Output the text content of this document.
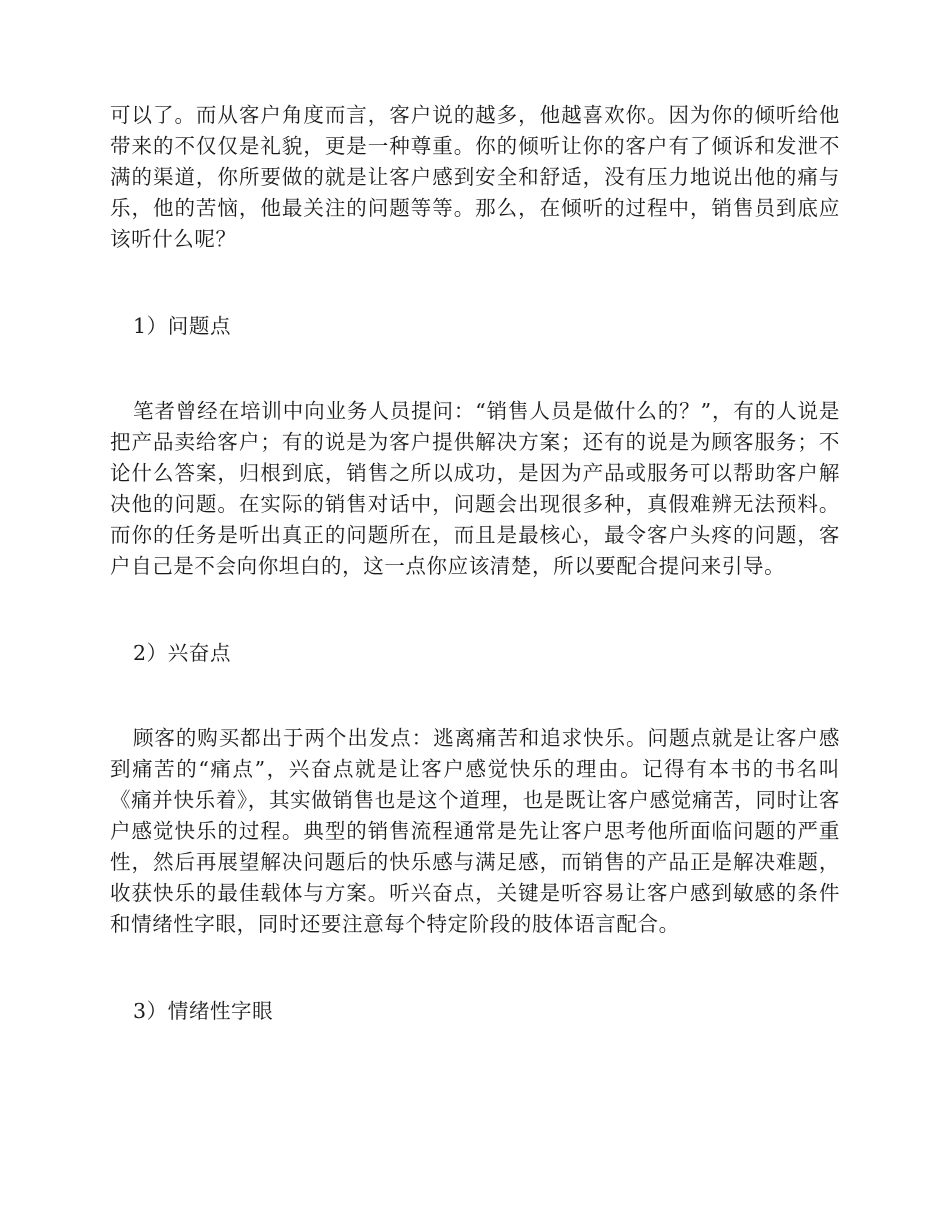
可以了。而从客户角度而言，客户说的越多，他越喜欢你。因为你的倾听给他带来的不仅仅是礼貌，更是一种尊重。你的倾听让你的客户有了倾诉和发泄不满的渠道，你所要做的就是让客户感到安全和舒适，没有压力地说出他的痛与乐，他的苦恼，他最关注的问题等等。那么，在倾听的过程中，销售员到底应该听什么呢？

1）问题点

笔者曾经在培训中向业务人员提问：“销售人员是做什么的？”，有的人说是把产品卖给客户；有的说是为客户提供解决方案；还有的说是为顾客服务；不论什么答案，归根到底，销售之所以成功，是因为产品或服务可以帮助客户解决他的问题。在实际的销售对话中，问题会出现很多种，真假难辨无法预料。而你的任务是听出真正的问题所在，而且是最核心，最令客户头疼的问题，客户自己是不会向你坦白的，这一点你应该清楚，所以要配合提问来引导。

2）兴奋点

顾客的购买都出于两个出发点：逃离痛苦和追求快乐。问题点就是让客户感到痛苦的“痛点”，兴奋点就是让客户感觉快乐的理由。记得有本书的书名叫《痛并快乐着》，其实做销售也是这个道理，也是既让客户感觉痛苦，同时让客户感觉快乐的过程。典型的销售流程通常是先让客户思考他所面临问题的严重性，然后再展望解决问题后的快乐感与满足感，而销售的产品正是解决难题，收获快乐的最佳载体与方案。听兴奋点，关键是听容易让客户感到敏感的条件和情绪性字眼，同时还要注意每个特定阶段的肢体语言配合。

3）情绪性字眼
